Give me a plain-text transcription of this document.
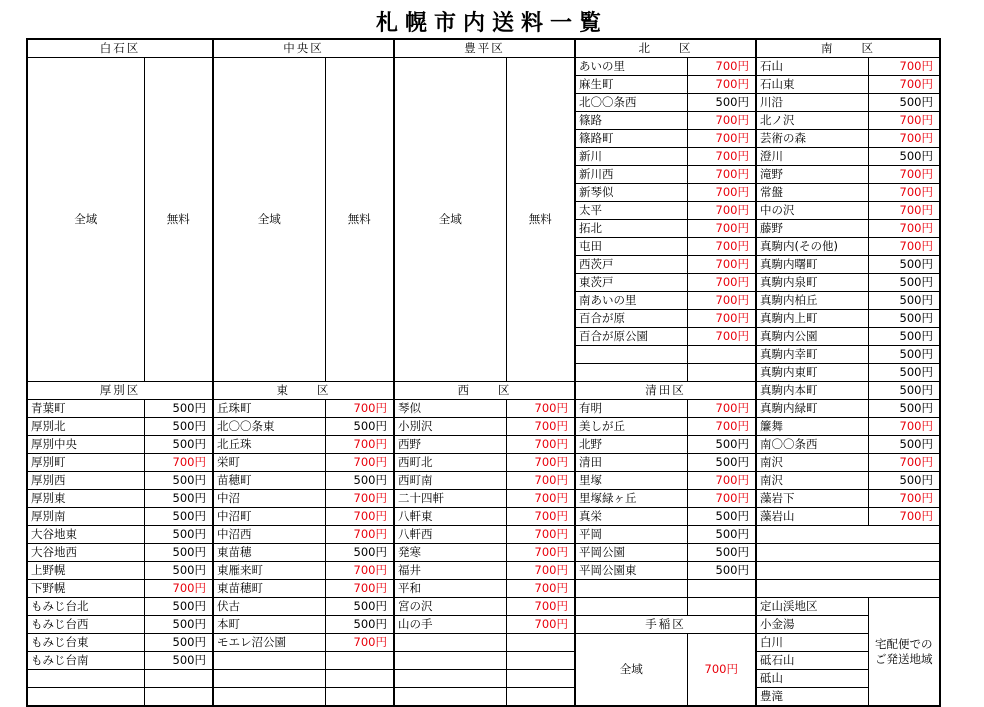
札幌市内送料一覧
白石区		中央区		豊平区		北　　区		南　　区	
全域	無料	全域	無料	全域	無料	あいの里	700円	石山	700円
						麻生町	700円	石山東	700円
						北〇〇条西	500円	川沿	500円
						篠路	700円	北ノ沢	700円
						篠路町	700円	芸術の森	700円
						新川	700円	澄川	500円
						新川西	700円	滝野	700円
						新琴似	700円	常盤	700円
						太平	700円	中の沢	700円
						拓北	700円	藤野	700円
						屯田	700円	真駒内(その他)	700円
						西茨戸	700円	真駒内曙町	500円
						東茨戸	700円	真駒内泉町	500円
						南あいの里	700円	真駒内柏丘	500円
						百合が原	700円	真駒内上町	500円
						百合が原公園	700円	真駒内公園	500円
								真駒内幸町	500円
								真駒内東町	500円
厚別区		東　　区		西　　区		清田区		真駒内本町	500円
青葉町	500円	丘珠町	700円	琴似	700円	有明	700円	真駒内緑町	500円
厚別北	500円	北〇〇条東	500円	小別沢	700円	美しが丘	700円	簾舞	700円
厚別中央	500円	北丘珠	700円	西野	700円	北野	500円	南〇〇条西	500円
厚別町	700円	栄町	700円	西町北	700円	清田	500円	南沢	700円
厚別西	500円	苗穂町	500円	西町南	700円	里塚	700円	南沢	500円
厚別東	500円	中沼	700円	二十四軒	700円	里塚緑ヶ丘	700円	藻岩下	700円
厚別南	500円	中沼町	700円	八軒東	700円	真栄	500円	藻岩山	700円
大谷地東	500円	中沼西	700円	八軒西	700円	平岡	500円		
大谷地西	500円	東苗穂	500円	発寒	700円	平岡公園	500円		
上野幌	500円	東雁来町	700円	福井	700円	平岡公園東	500円		
下野幌	700円	東苗穂町	700円	平和	700円				
もみじ台北	500円	伏古	500円	宮の沢	700円			定山渓地区	宅配便での
ご発送地域

もみじ台西	500円	本町	500円	山の手	700円	手稲区		小金湯	
もみじ台東	500円	モエレ沼公園	700円			全域	700円	白川	
もみじ台南	500円							砥石山	
								砥山	
								豊滝	
